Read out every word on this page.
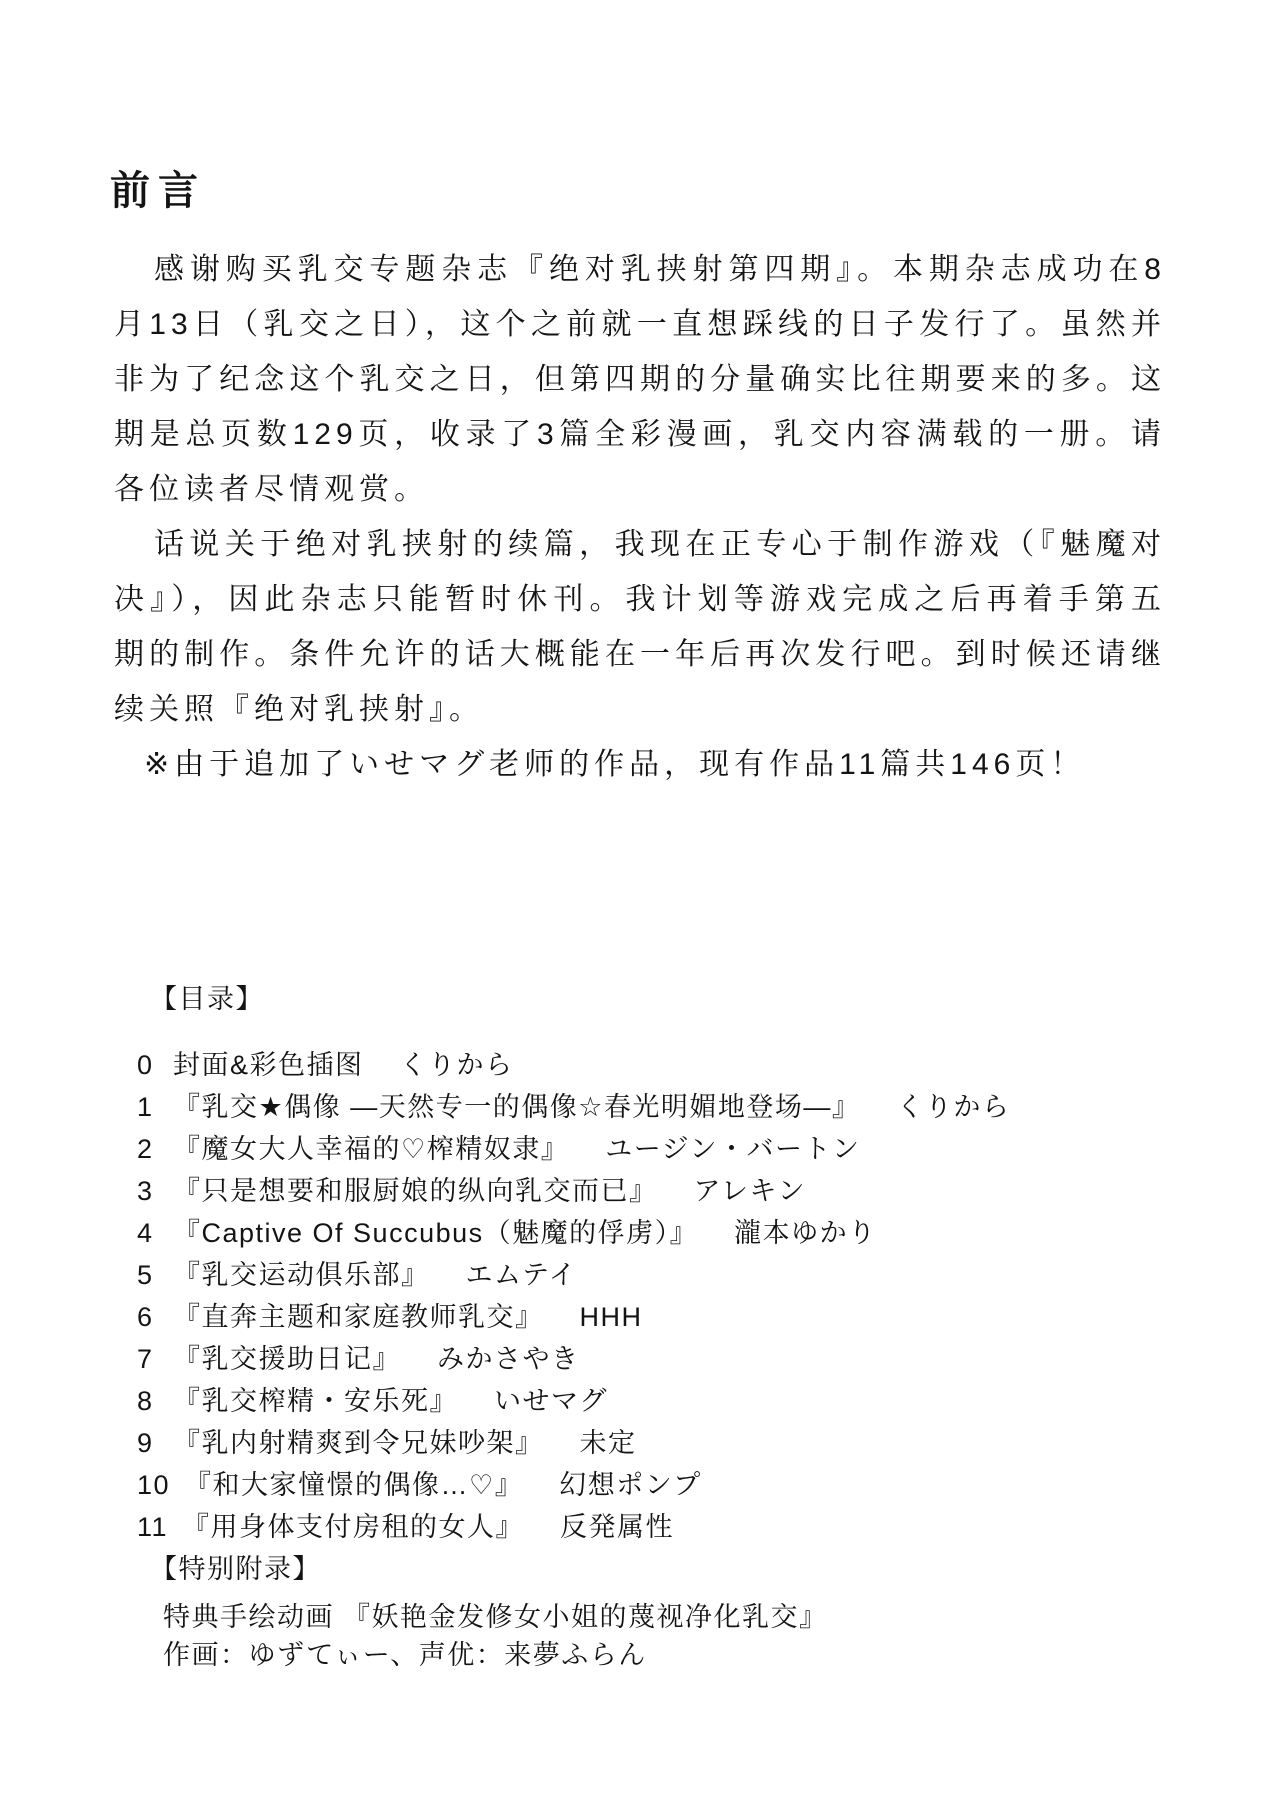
前言

感谢购买乳交专题杂志『绝对乳挟射第四期』。本期杂志成功在8月13日（乳交之日），这个之前就一直想踩线的日子发行了。虽然并非为了纪念这个乳交之日，但第四期的分量确实比往期要来的多。这期是总页数129页，收录了3篇全彩漫画，乳交内容满载的一册。请各位读者尽情观赏。

话说关于绝对乳挟射的续篇，我现在正专心于制作游戏（『魅魔对决』），因此杂志只能暂时休刊。我计划等游戏完成之后再着手第五期的制作。条件允许的话大概能在一年后再次发行吧。到时候还请继续关照『绝对乳挟射』。

※由于追加了いせマグ老师的作品，现有作品11篇共146页！

【目录】
0 封面&彩色插图 くりから
1 『乳交★偶像 —天然专一的偶像☆春光明媚地登场—』 くりから
2 『魔女大人幸福的♡榨精奴隶』 ユージン・バートン
3 『只是想要和服厨娘的纵向乳交而已』 アレキン
4 『Captive Of Succubus（魅魔的俘虏）』 瀧本ゆかり
5 『乳交运动俱乐部』 エムテイ
6 『直奔主题和家庭教师乳交』 HHH
7 『乳交援助日记』 みかさやき
8 『乳交榨精・安乐死』 いせマグ
9 『乳内射精爽到令兄妹吵架』 未定
10 『和大家憧憬的偶像…♡』 幻想ポンプ
11 『用身体支付房租的女人』 反発属性
【特别附录】
特典手绘动画 『妖艳金发修女小姐的蔑视净化乳交』
作画：ゆずてぃー、声优：来夢ふらん
